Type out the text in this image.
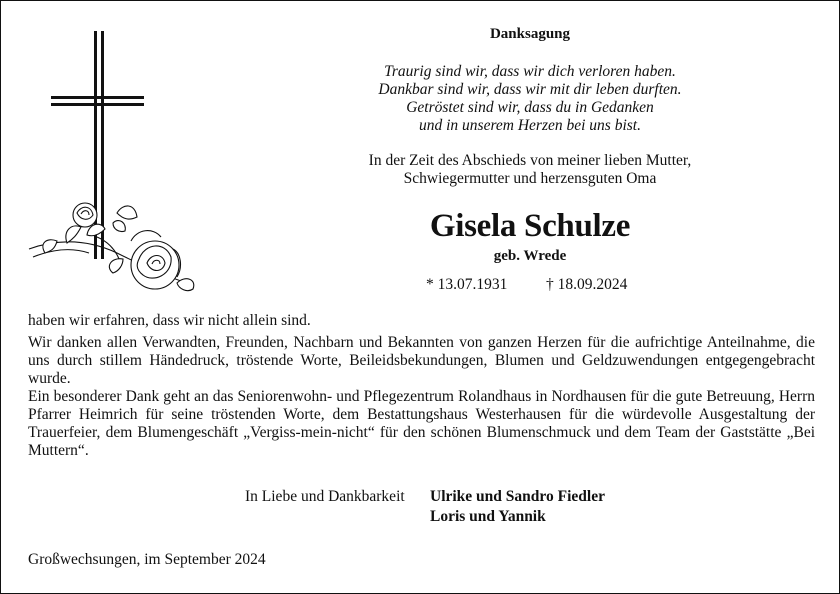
Danksagung
Traurig sind wir, dass wir dich verloren haben.
Dankbar sind wir, dass wir mit dir leben durften.
Getröstet sind wir, dass du in Gedanken
und in unserem Herzen bei uns bist.
In der Zeit des Abschieds von meiner lieben Mutter,
Schwiegermutter und herzensguten Oma
Gisela Schulze
geb. Wrede
* 13.07.1931 † 18.09.2024
haben wir erfahren, dass wir nicht allein sind.

Wir danken allen Verwandten, Freunden, Nachbarn und Bekannten von ganzen Herzen für die aufrichtige Anteilnahme, die uns durch stillem Händedruck, tröstende Worte, Beileidsbekundungen, Blumen und Geldzuwendungen entgegengebracht wurde.

Ein besonderer Dank geht an das Seniorenwohn- und Pflegezentrum Rolandhaus in Nordhausen für die gute Betreuung, Herrn Pfarrer Heimrich für seine tröstenden Worte, dem Bestattungshaus Westerhausen für die würdevolle Ausgestaltung der Trauerfeier, dem Blumengeschäft „Vergiss-mein-nicht“ für den schönen Blumenschmuck und dem Team der Gaststätte „Bei Muttern“.

In Liebe und Dankbarkeit Ulrike und Sandro Fiedler
Loris und Yannik
Großwechsungen, im September 2024
